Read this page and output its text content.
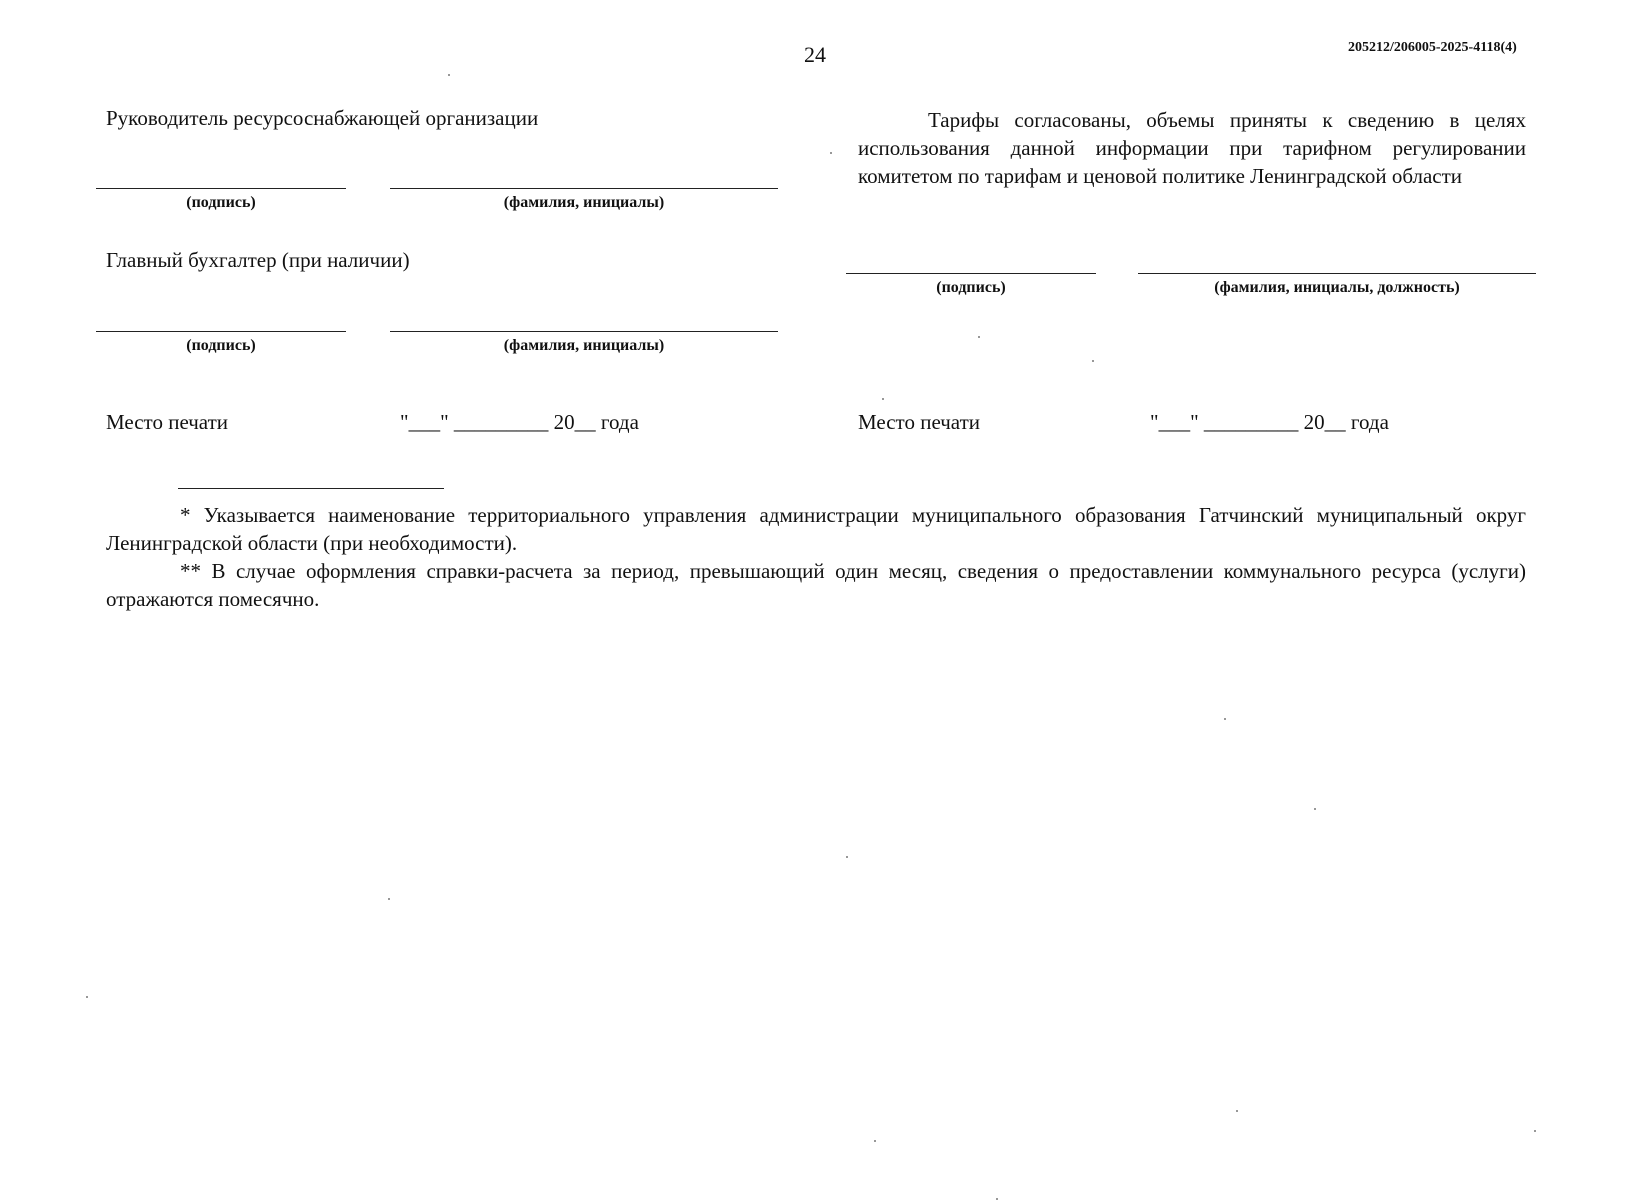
24	205212/206005-2025-4118(4)
Руководитель ресурсоснабжающей организации
(подпись)	(фамилия, инициалы)
Главный бухгалтер (при наличии)
(подпись)	(фамилия, инициалы)
Место печати	"___" _________ 20__ года
Тарифы согласованы, объемы приняты к сведению в целях использования данной информации при тарифном регулировании комитетом по тарифам и ценовой политике Ленинградской области
(подпись)	(фамилия, инициалы, должность)
Место печати	"___" _________ 20__ года

* Указывается наименование территориального управления администрации муниципального образования Гатчинский муниципальный округ Ленинградской области (при необходимости).

** В случае оформления справки-расчета за период, превышающий один месяц, сведения о предоставлении коммунального ресурса (услуги) отражаются помесячно.
